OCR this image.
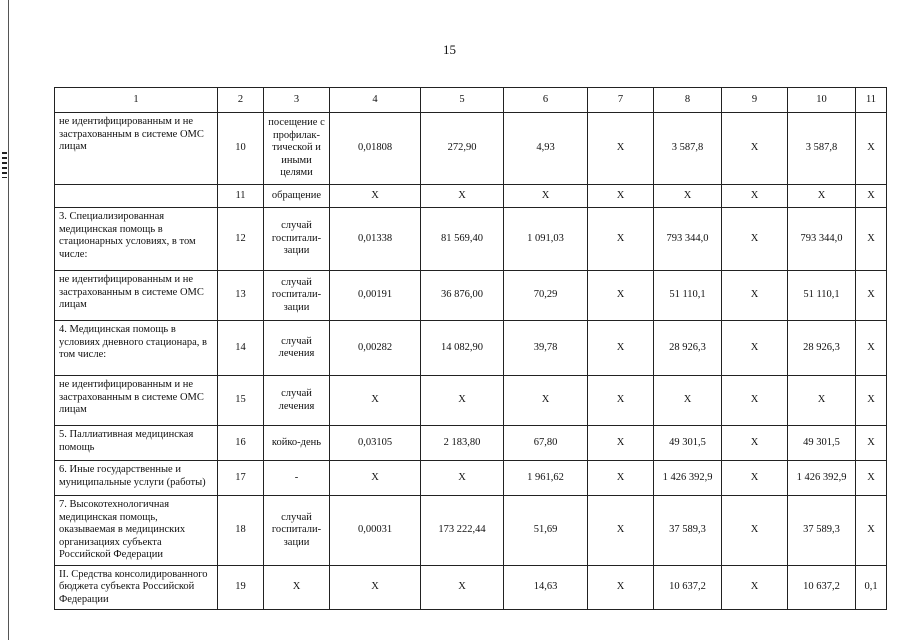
15
1	2	3	4	5	6	7	8	9	10	11
не идентифицированным и не застрахованным в системе ОМС лицам	10	посещение с профилак-тической и иными целями	0,01808	272,90	4,93	Х	3 587,8	Х	3 587,8	Х
	11	обращение	Х	Х	Х	Х	Х	Х	Х	Х
3. Специализированная медицинская помощь в стационарных условиях, в том числе:	12	случай госпитали-зации	0,01338	81 569,40	1 091,03	Х	793 344,0	Х	793 344,0	Х
не идентифицированным и не застрахованным в системе ОМС лицам	13	случай госпитали-зации	0,00191	36 876,00	70,29	Х	51 110,1	Х	51 110,1	Х
4. Медицинская помощь в условиях дневного стационара, в том числе:	14	случай лечения	0,00282	14 082,90	39,78	Х	28 926,3	Х	28 926,3	Х
не идентифицированным и не застрахованным в системе ОМС лицам	15	случай лечения	Х	Х	Х	Х	Х	Х	Х	Х
5. Паллиативная медицинская помощь	16	койко-день	0,03105	2 183,80	67,80	Х	49 301,5	Х	49 301,5	Х
6. Иные государственные и муниципальные услуги (работы)	17	-	Х	Х	1 961,62	Х	1 426 392,9	Х	1 426 392,9	Х
7. Высокотехнологичная медицинская помощь, оказываемая в медицинских организациях субъекта Российской Федерации	18	случай госпитали-зации	0,00031	173 222,44	51,69	Х	37 589,3	Х	37 589,3	Х
II. Средства консолидированного бюджета субъекта Российской Федерации	19	Х	Х	Х	14,63	Х	10 637,2	Х	10 637,2	0,1
